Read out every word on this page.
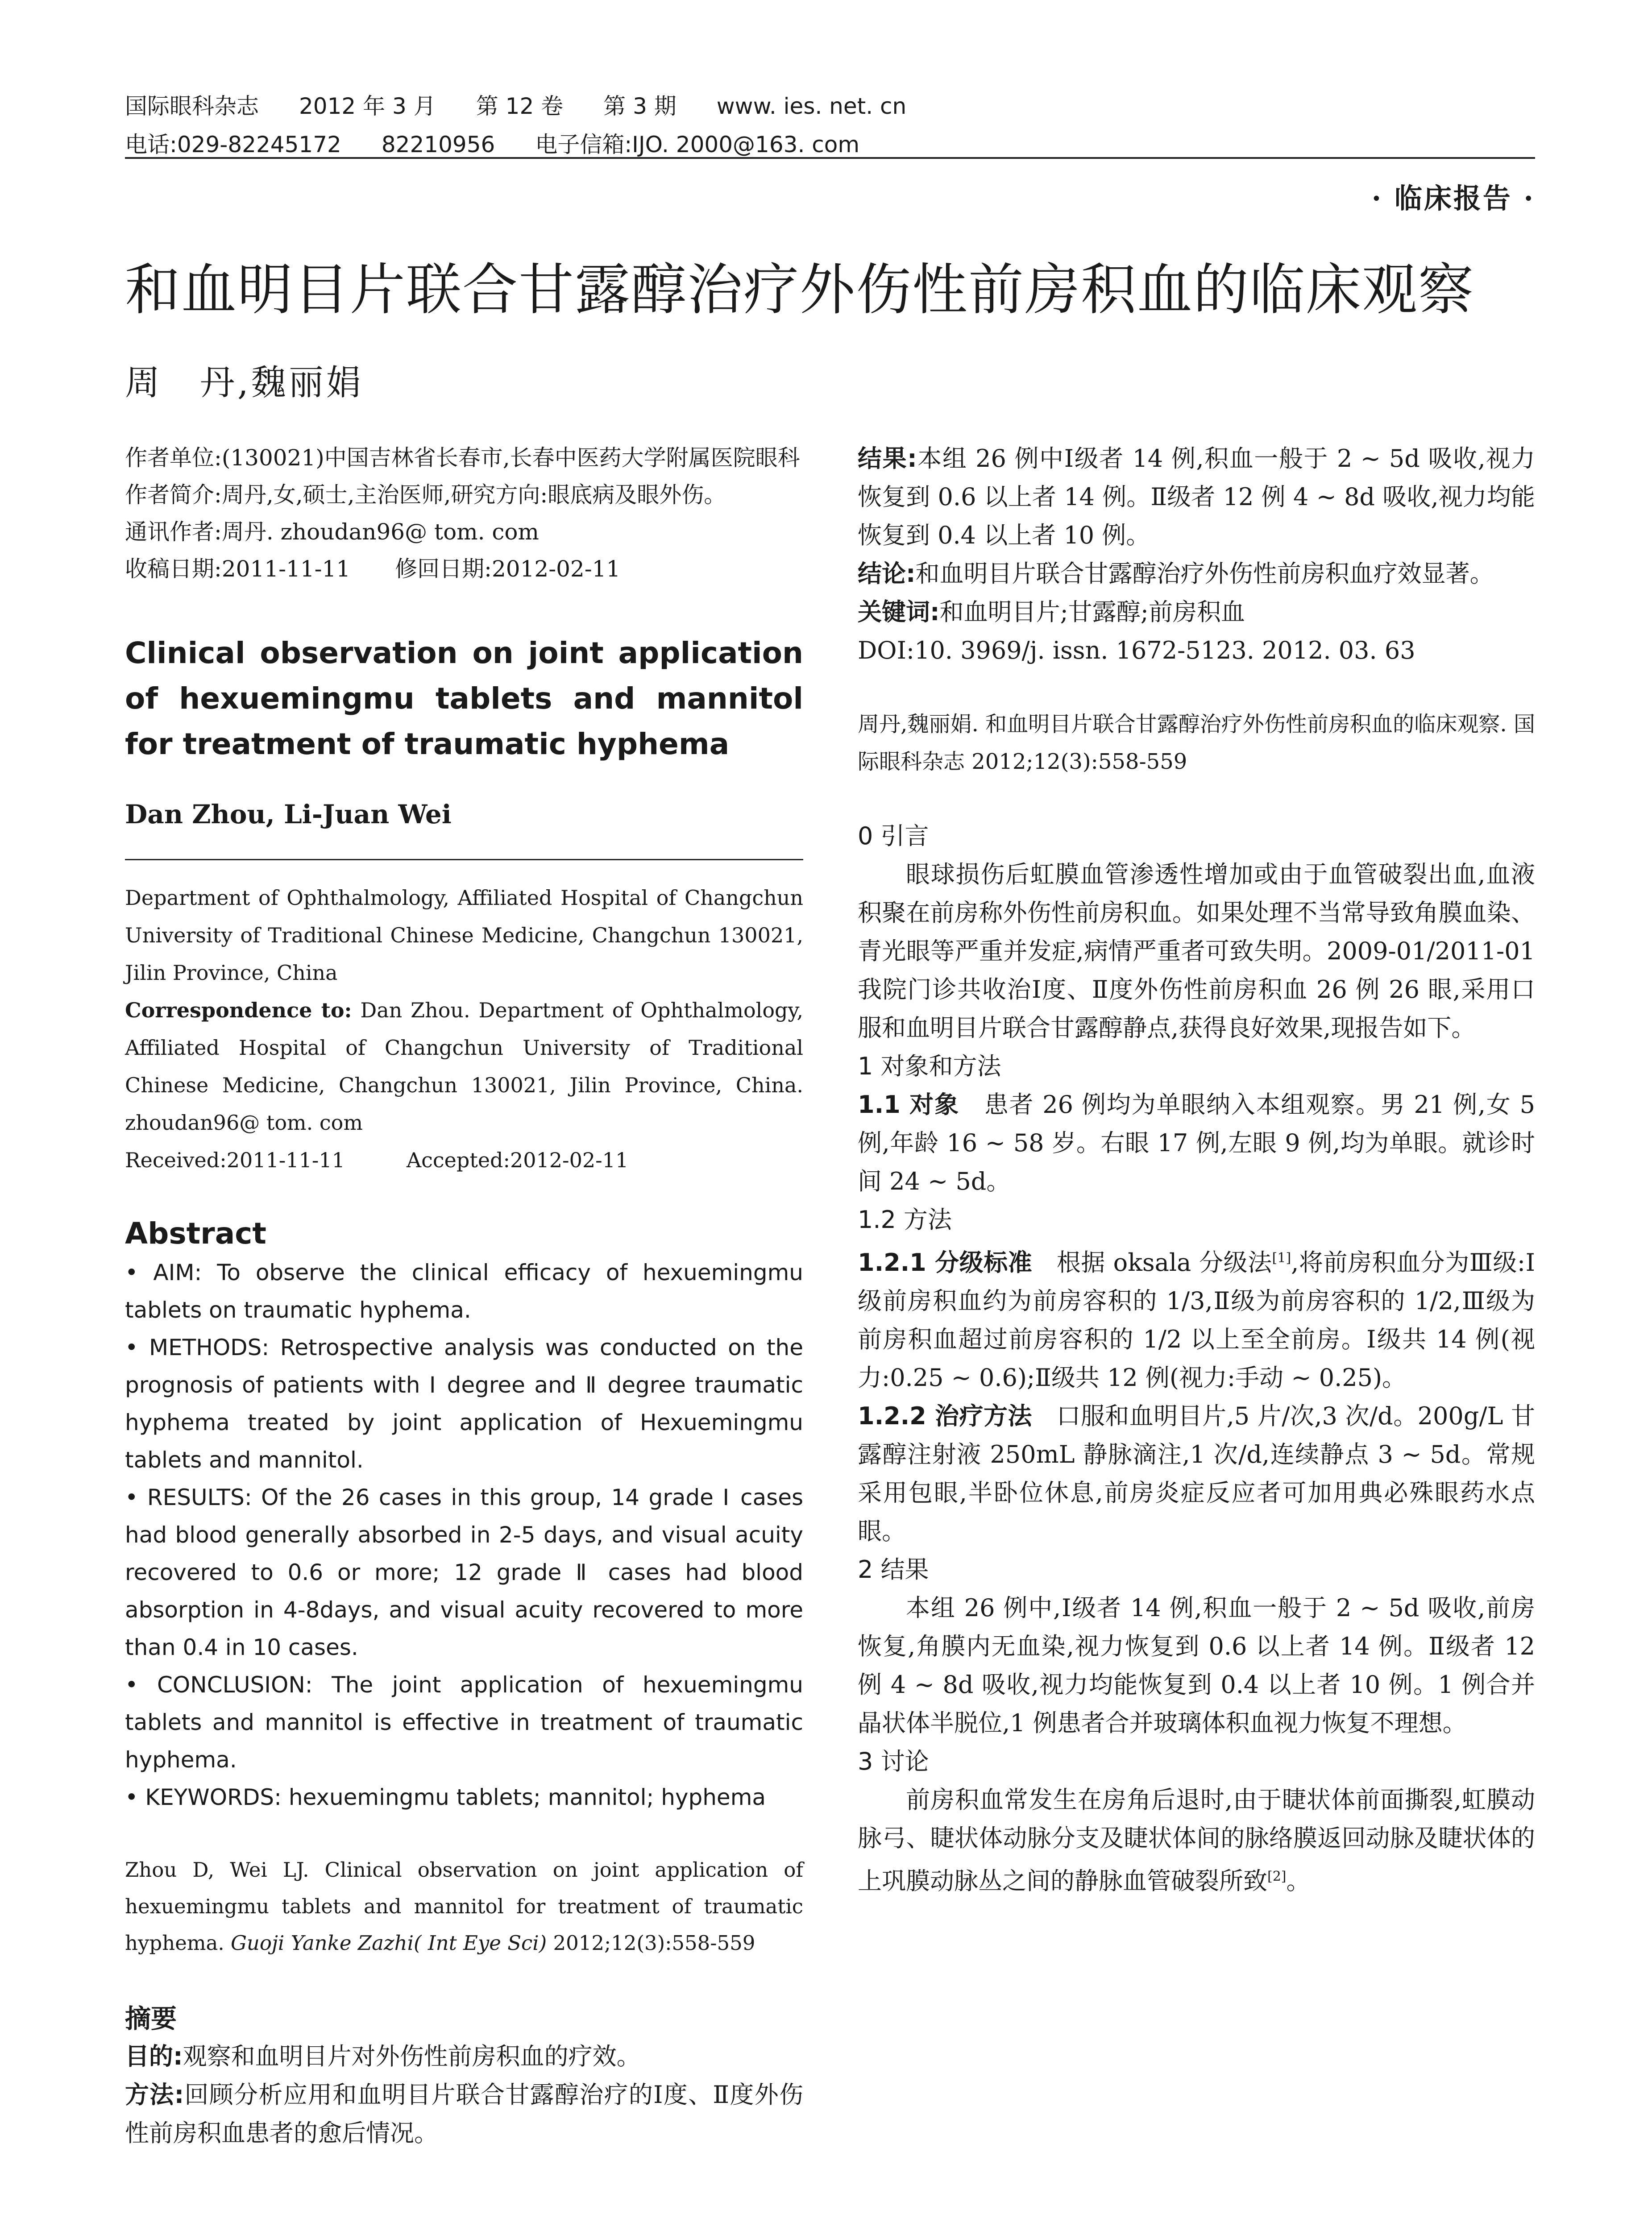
国际眼科杂志 2012 年 3 月 第 12 卷 第 3 期 www. ies. net. cn
电话:029-82245172 82210956 电子信箱:IJO. 2000@163. com
· 临床报告 ·
和血明目片联合甘露醇治疗外伤性前房积血的临床观察
周　丹,魏丽娟

作者单位:(130021)中国吉林省长春市,长春中医药大学附属医院眼科

作者简介:周丹,女,硕士,主治医师,研究方向:眼底病及眼外伤。

通讯作者:周丹. zhoudan96@ tom. com

收稿日期:2011-11-11　　修回日期:2012-02-11

Clinical observation on joint application of hexuemingmu tablets and mannitol for treatment of traumatic hyphema
Dan Zhou, Li-Juan Wei

Department of Ophthalmology, Affiliated Hospital of Changchun University of Traditional Chinese Medicine, Changchun 130021, Jilin Province, China

Correspondence to: Dan Zhou. Department of Ophthalmology, Affiliated Hospital of Changchun University of Traditional Chinese Medicine, Changchun 130021, Jilin Province, China. zhoudan96@ tom. com

Received:2011-11-11　　　Accepted:2012-02-11

Abstract

• AIM: To observe the clinical efficacy of hexuemingmu tablets on traumatic hyphema.

• METHODS: Retrospective analysis was conducted on the prognosis of patients with Ⅰ degree and Ⅱ degree traumatic hyphema treated by joint application of Hexuemingmu tablets and mannitol.

• RESULTS: Of the 26 cases in this group, 14 grade Ⅰ cases had blood generally absorbed in 2-5 days, and visual acuity recovered to 0.6 or more; 12 grade Ⅱ cases had blood absorption in 4-8days, and visual acuity recovered to more than 0.4 in 10 cases.

• CONCLUSION: The joint application of hexuemingmu tablets and mannitol is effective in treatment of traumatic hyphema.

• KEYWORDS: hexuemingmu tablets; mannitol; hyphema

Zhou D, Wei LJ. Clinical observation on joint application of hexuemingmu tablets and mannitol for treatment of traumatic hyphema. Guoji Yanke Zazhi( Int Eye Sci) 2012;12(3):558-559
摘要

目的:观察和血明目片对外伤性前房积血的疗效。

方法:回顾分析应用和血明目片联合甘露醇治疗的Ⅰ度、Ⅱ度外伤性前房积血患者的愈后情况。

结果:本组 26 例中Ⅰ级者 14 例,积血一般于 2 ~ 5d 吸收,视力恢复到 0.6 以上者 14 例。Ⅱ级者 12 例 4 ~ 8d 吸收,视力均能恢复到 0.4 以上者 10 例。

结论:和血明目片联合甘露醇治疗外伤性前房积血疗效显著。

关键词:和血明目片;甘露醇;前房积血

DOI:10. 3969/j. issn. 1672-5123. 2012. 03. 63

周丹,魏丽娟. 和血明目片联合甘露醇治疗外伤性前房积血的临床观察. 国际眼科杂志 2012;12(3):558-559

0 引言

眼球损伤后虹膜血管渗透性增加或由于血管破裂出血,血液积聚在前房称外伤性前房积血。如果处理不当常导致角膜血染、青光眼等严重并发症,病情严重者可致失明。2009-01/2011-01 我院门诊共收治Ⅰ度、Ⅱ度外伤性前房积血 26 例 26 眼,采用口服和血明目片联合甘露醇静点,获得良好效果,现报告如下。

1 对象和方法

1.1 对象　患者 26 例均为单眼纳入本组观察。男 21 例,女 5 例,年龄 16 ~ 58 岁。右眼 17 例,左眼 9 例,均为单眼。就诊时间 24 ~ 5d。

1.2 方法

1.2.1 分级标准　根据 oksala 分级法[1],将前房积血分为Ⅲ级:Ⅰ级前房积血约为前房容积的 1/3,Ⅱ级为前房容积的 1/2,Ⅲ级为前房积血超过前房容积的 1/2 以上至全前房。Ⅰ级共 14 例(视力:0.25 ~ 0.6);Ⅱ级共 12 例(视力:手动 ~ 0.25)。

1.2.2 治疗方法　口服和血明目片,5 片/次,3 次/d。200g/L 甘露醇注射液 250mL 静脉滴注,1 次/d,连续静点 3 ~ 5d。常规采用包眼,半卧位休息,前房炎症反应者可加用典必殊眼药水点眼。

2 结果

本组 26 例中,Ⅰ级者 14 例,积血一般于 2 ~ 5d 吸收,前房恢复,角膜内无血染,视力恢复到 0.6 以上者 14 例。Ⅱ级者 12 例 4 ~ 8d 吸收,视力均能恢复到 0.4 以上者 10 例。1 例合并晶状体半脱位,1 例患者合并玻璃体积血视力恢复不理想。

3 讨论

前房积血常发生在房角后退时,由于睫状体前面撕裂,虹膜动脉弓、睫状体动脉分支及睫状体间的脉络膜返回动脉及睫状体的上巩膜动脉丛之间的静脉血管破裂所致[2]。
